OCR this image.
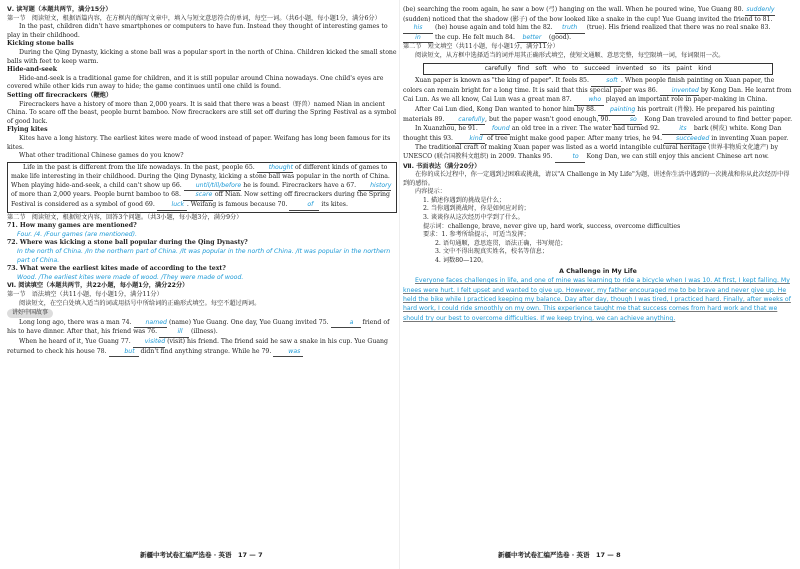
Ⅴ. 读写题（本题共两节，满分15分）

第一节　阅读短文，根据语篇内容，在方框内的缩写文章中，填入与短文意思符合的单词，每空一词。（共6小题，每小题1分，满分6分）

In the past, children didn't have smartphones or computers to have fun. Instead they thought of interesting games to play in their childhood.

Kicking stone balls

During the Qing Dynasty, kicking a stone ball was a popular sport in the north of China. Children kicked the small stone balls with feet to keep warm.

Hide-and-seek

Hide-and-seek is a traditional game for children, and it is still popular around China nowadays. One child's eyes are covered while other kids run away to hide; the game continues until one child is found.

Setting off firecrackers（鞭炮）

Firecrackers have a history of more than 2,000 years. It is said that there was a beast（野兽）named Nian in ancient China. To scare off the beast, people burnt bamboo. Now firecrackers are still set off during the Spring Festival as a symbol of good luck.

Flying kites

Kites have a long history. The earliest kites were made of wood instead of paper. Weifang has long been famous for its kites.

What other traditional Chinese games do you know?

Life in the past is different from the life nowadays. In the past, people 65. thought of different kinds of games to make life interesting in their childhood. During the Qing Dynasty, kicking a stone ball was popular in the north of China. When playing hide-and-seek, a child can't show up 66. until/till/before he is found. Firecrackers have a 67. history of more than 2,000 years. People burnt bamboo to 68. scare off Nian. Now setting off firecrackers during the Spring Festival is considered as a symbol of good 69.	luck . Weifang is famous because 70.	of its kites.

第二节　阅读短文，根据短文内容，回答3个问题。（共3小题，每小题3分，满分9分）

71. How many games are mentioned?

Four. /4. /Four games (are mentioned).

72. Where was kicking a stone ball popular during the Qing Dynasty?

In the north of China. /In the northern part of China. /It was popular in the north of China. /It was popular in the northern part of China.

73. What were the earliest kites made of according to the text?

Wood. /The earliest kites were made of wood. /They were made of wood.

Ⅵ. 阅读填空（本题共两节，共22小题，每小题1分，满分22分）

第一节　语法填空（共11小题，每小题1分，满分11分）

阅读短文，在空白处填入适当的词或用括号中所给词的正确形式填空。每空不超过两词。

讲好中国故事

Long long ago, there was a man 74. named (name) Yue Guang. One day, Yue Guang invited 75.	a friend of his to have dinner. After that, his friend was 76.	ill (illness).

When he heard of it, Yue Guang 77. visited (visit) his friend. The friend said he saw a snake in his cup. Yue Guang returned to check his house 78.	but didn't find anything strange. While he 79.	was

新疆中考试卷汇编严选卷 · 英语　17 — 7

(be) searching the room again, he saw a bow (弓) hanging on the wall. When he poured wine, Yue Guang 80. suddenly (sudden) noticed that the shadow (影子) of the bow looked like a snake in the cup! Yue Guang invited the friend to 81. his (he) house again and told him the 82. truth (true). His friend realized that there was no real snake 83. in the cup. He felt much 84. better (good).

第二节　短文填空（共11小题，每小题1分，满分11分）

阅读短文，从方框中选择适当的词并用其正确形式填空，使短文通顺、意思完整，每空限填一词，每词限用一次。

carefully　find　soft　who　to　succeed　invented　so　its　paint　kind

Xuan paper is known as "the king of paper". It feels 85.	soft . When people finish painting on Xuan paper, the colors can remain bright for a long time. It is said that this special paper was 86. invented by Kong Dan. He learnt from Cai Lun. As we all know, Cai Lun was a great man 87.	who played an important role in paper-making in China.

After Cai Lun died, Kong Dan wanted to honor him by 88. painting his portrait (肖像). He prepared his painting materials 89. carefully, but the paper wasn't good enough, 90.	so Kong Dan traveled around to find better paper.

In Xuanzhou, he 91. found an old tree in a river. The water had turned 92.	its bark (树皮) white. Kong Dan thought this 93.	kind of tree might make good paper. After many tries, he 94. succeeded in inventing Xuan paper.

The traditional craft of making Xuan paper was listed as a world intangible cultural heritage (世界非物质文化遗产) by UNESCO (联合国教科文组织) in 2009. Thanks 95.	to Kong Dan, we can still enjoy this ancient Chinese art now.

Ⅶ. 书面表达（满分20分）

在你的成长过程中，你一定遇到过困难或挑战，请以"A Challenge in My Life"为题，讲述你生活中遇到的一次挑战和你从此次经历中得到的感悟。

内容提示：

1. 描述你遇到的挑战是什么；

2. 当你遇到挑战时，你是如何应对的；

3. 谈谈你从这次经历中学到了什么。

提示词：challenge, brave, never give up, hard work, success, overcome difficulties

要求：1. 参考所给提示，可适当发挥；

2. 语句通顺，意思连贯，语法正确，书写规范；

3. 文中不得出现真实姓名，校名等信息；

4. 词数80—120。

A Challenge in My Life

Everyone faces challenges in life, and one of mine was learning to ride a bicycle when I was 10. At first, I kept falling. My knees were hurt. I felt upset and wanted to give up. However, my father encouraged me to be brave and never give up. He held the bike while I practiced keeping my balance. Day after day, though I was tired, I practiced hard. Finally, after weeks of hard work, I could ride smoothly on my own. This experience taught me that success comes from hard work and that we should try our best to overcome difficulties. If we keep trying, we can achieve anything.

新疆中考试卷汇编严选卷 · 英语　17 — 8
